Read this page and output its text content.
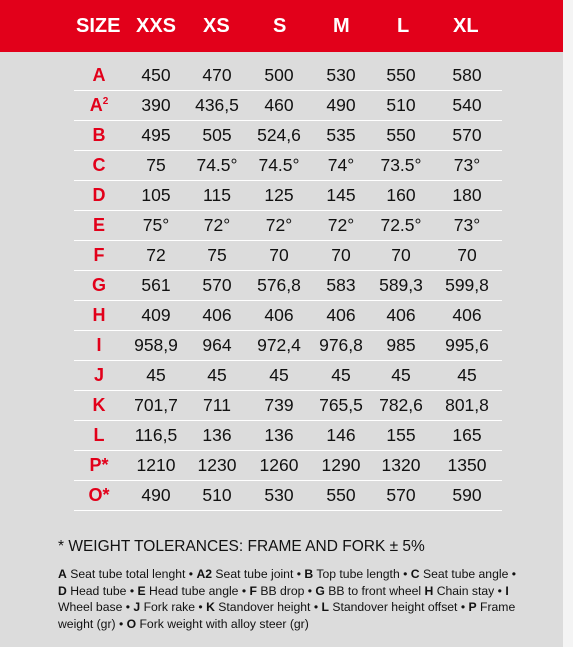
SIZE XXS XS S M L XL
A	450	470	500	530	550	580
$A^2$	390	436,5	460	490	510	540
B	495	505	524,6	535	550	570
C	75	74.5°	74.5°	74°	73.5°	73°
D	105	115	125	145	160	180
E	75°	72°	72°	72°	72.5°	73°
F	72	75	70	70	70	70
G	561	570	576,8	583	589,3	599,8
H	409	406	406	406	406	406
I	958,9	964	972,4	976,8	985	995,6
J	45	45	45	45	45	45
K	701,7	711	739	765,5	782,6	801,8
L	116,5	136	136	146	155	165
P*	1210	1230	1260	1290	1320	1350
O*	490	510	530	550	570	590
* WEIGHT TOLERANCES: FRAME AND FORK ± 5%
A Seat tube total lenght • A2 Seat tube joint • B Top tube length • C Seat tube angle • D Head tube • E Head tube angle • F BB drop • G BB to front wheel H Chain stay • I Wheel base • J Fork rake • K Standover height • L Standover height offset • P Frame weight (gr) • O Fork weight with alloy steer (gr)
